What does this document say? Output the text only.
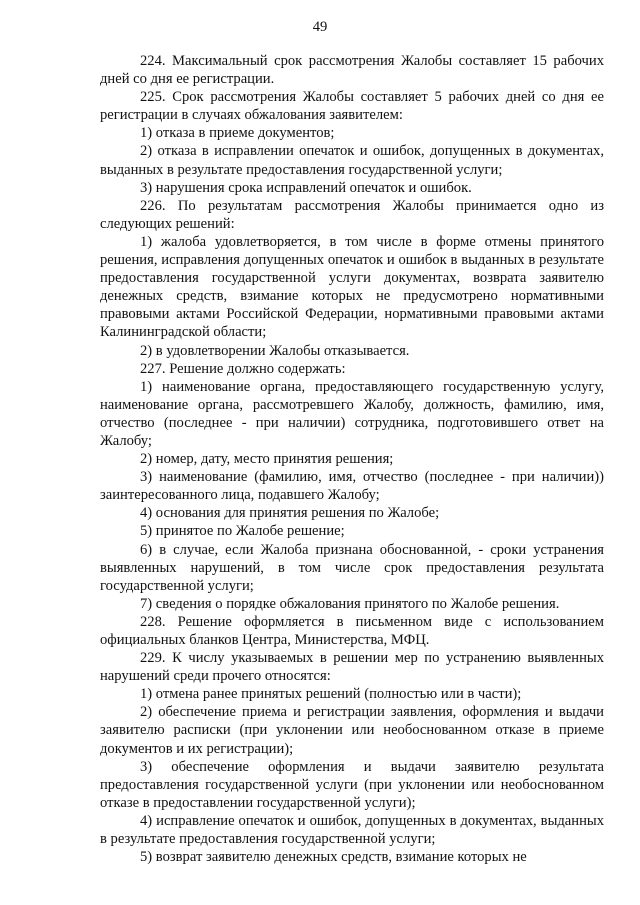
49

224. Максимальный срок рассмотрения Жалобы составляет 15 рабочих дней со дня ее регистрации.

225. Срок рассмотрения Жалобы составляет 5 рабочих дней со дня ее регистрации в случаях обжалования заявителем:

1) отказа в приеме документов;

2) отказа в исправлении опечаток и ошибок, допущенных в документах, выданных в результате предоставления государственной услуги;

3) нарушения срока исправлений опечаток и ошибок.

226. По результатам рассмотрения Жалобы принимается одно из следующих решений:

1) жалоба удовлетворяется, в том числе в форме отмены принятого решения, исправления допущенных опечаток и ошибок в выданных в результате предоставления государственной услуги документах, возврата заявителю денежных средств, взимание которых не предусмотрено нормативными правовыми актами Российской Федерации, нормативными правовыми актами Калининградской области;

2) в удовлетворении Жалобы отказывается.

227. Решение должно содержать:

1) наименование органа, предоставляющего государственную услугу, наименование органа, рассмотревшего Жалобу, должность, фамилию, имя, отчество (последнее - при наличии) сотрудника, подготовившего ответ на Жалобу;

2) номер, дату, место принятия решения;

3) наименование (фамилию, имя, отчество (последнее - при наличии)) заинтересованного лица, подавшего Жалобу;

4) основания для принятия решения по Жалобе;

5) принятое по Жалобе решение;

6) в случае, если Жалоба признана обоснованной, - сроки устранения выявленных нарушений, в том числе срок предоставления результата государственной услуги;

7) сведения о порядке обжалования принятого по Жалобе решения.

228. Решение оформляется в письменном виде с использованием официальных бланков Центра, Министерства, МФЦ.

229. К числу указываемых в решении мер по устранению выявленных нарушений среди прочего относятся:

1) отмена ранее принятых решений (полностью или в части);

2) обеспечение приема и регистрации заявления, оформления и выдачи заявителю расписки (при уклонении или необоснованном отказе в приеме документов и их регистрации);

3) обеспечение оформления и выдачи заявителю результата предоставления государственной услуги (при уклонении или необоснованном отказе в предоставлении государственной услуги);

4) исправление опечаток и ошибок, допущенных в документах, выданных в результате предоставления государственной услуги;

5) возврат заявителю денежных средств, взимание которых не
